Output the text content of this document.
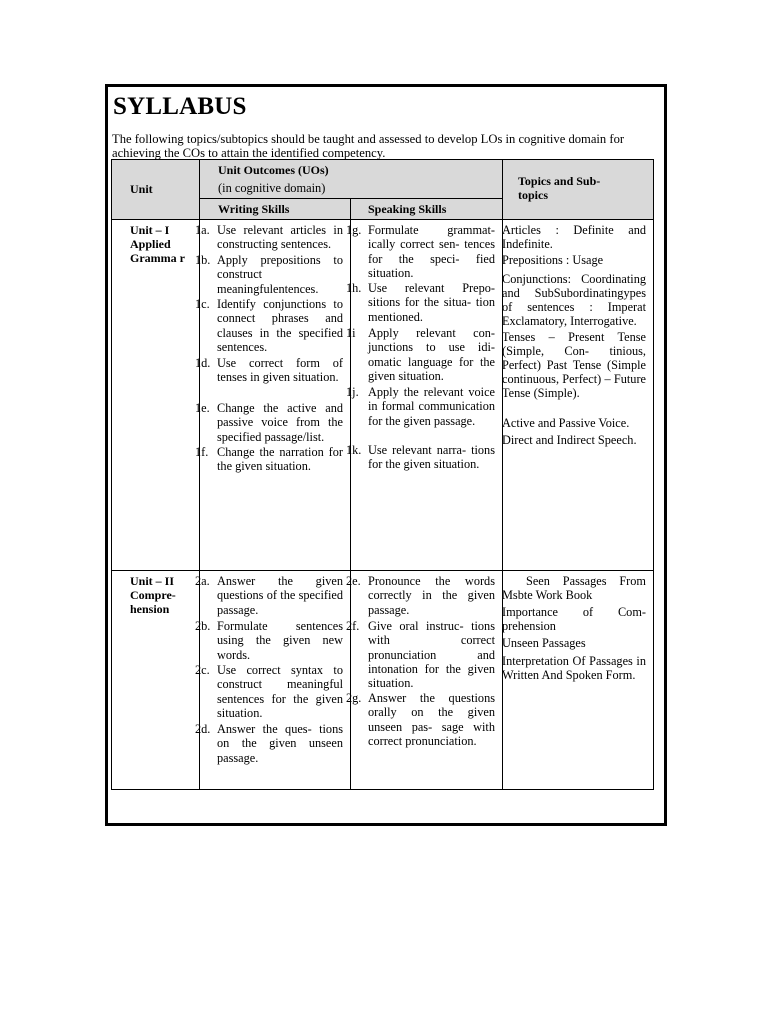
SYLLABUS
The following topics/subtopics should be taught and assessed to develop LOs in cognitive domain for achieving the COs to attain the identified competency.
Unit
Unit Outcomes (UOs)
(in cognitive domain)
Writing Skills	Speaking Skills
Topics and Sub- topics
Unit – I Applied Gramma r
1a. Use relevant articles in constructing sentences.
1b. Apply prepositions to construct meaningfulentences.
1c. Identify conjunctions to connect phrases and clauses in the specified sentences.
1d. Use correct form of tenses in given situation.
1e. Change the active and passive voice from the specified passage/list.
1f. Change the narration for the given situation.
1g. Formulate grammat- ically correct sen- tences for the speci- fied situation.
1h. Use relevant Prepo- sitions for the situa- tion mentioned.
1i Apply relevant con- junctions to use idi- omatic language for the given situation.
1j. Apply the relevant voice in formal communication for the given passage.
1k. Use relevant narra- tions for the given situation.
Articles : Definite and Indefinite.
Prepositions : Usage
Conjunctions: Coordinating and SubSubordinatingypes of sentences : Imperat Exclamatory, Interrogative.
Tenses – Present Tense (Simple, Con- tinious, Perfect) Past Tense (Simple continuous, Perfect) – Future Tense (Simple).
Active and Passive Voice.
Direct and Indirect Speech.
Unit – II Compre- hension
2a. Answer the given questions of the specified passage.
2b. Formulate sentences using the given new words.
2c. Use correct syntax to construct meaningful sentences for the given situation.
2d. Answer the ques- tions on the given unseen passage.
2e. Pronounce the words correctly in the given passage.
2f. Give oral instruc- tions with correct pronunciation and intonation for the given situation.
2g. Answer the questions orally on the given unseen pas- sage with correct pronunciation.
Seen Passages From Msbte Work Book
Importance of Com- prehension
Unseen Passages
Interpretation Of Passages in Written And Spoken Form.
